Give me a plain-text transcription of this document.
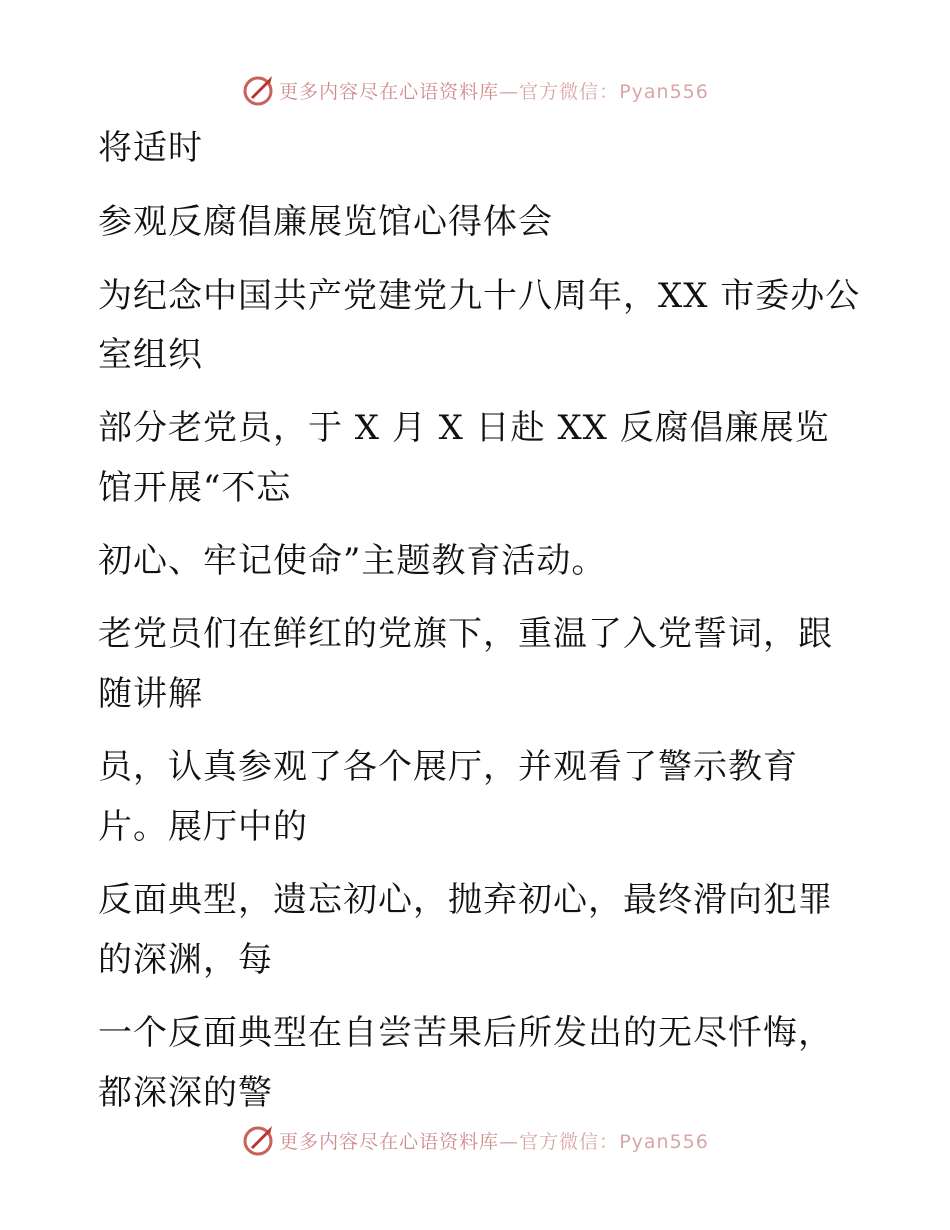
更多内容尽在心语资料库—官方微信：Pyan556
将适时
参观反腐倡廉展览馆心得体会
为纪念中国共产党建党九十八周年，XX 市委办公
室组织
部分老党员，于 X 月 X 日赴 XX 反腐倡廉展览
馆开展“不忘
初心、牢记使命”主题教育活动。
老党员们在鲜红的党旗下，重温了入党誓词，跟
随讲解
员，认真参观了各个展厅，并观看了警示教育
片。展厅中的
反面典型，遗忘初心，抛弃初心，最终滑向犯罪
的深渊，每
一个反面典型在自尝苦果后所发出的无尽忏悔，
都深深的警
更多内容尽在心语资料库—官方微信：Pyan556
